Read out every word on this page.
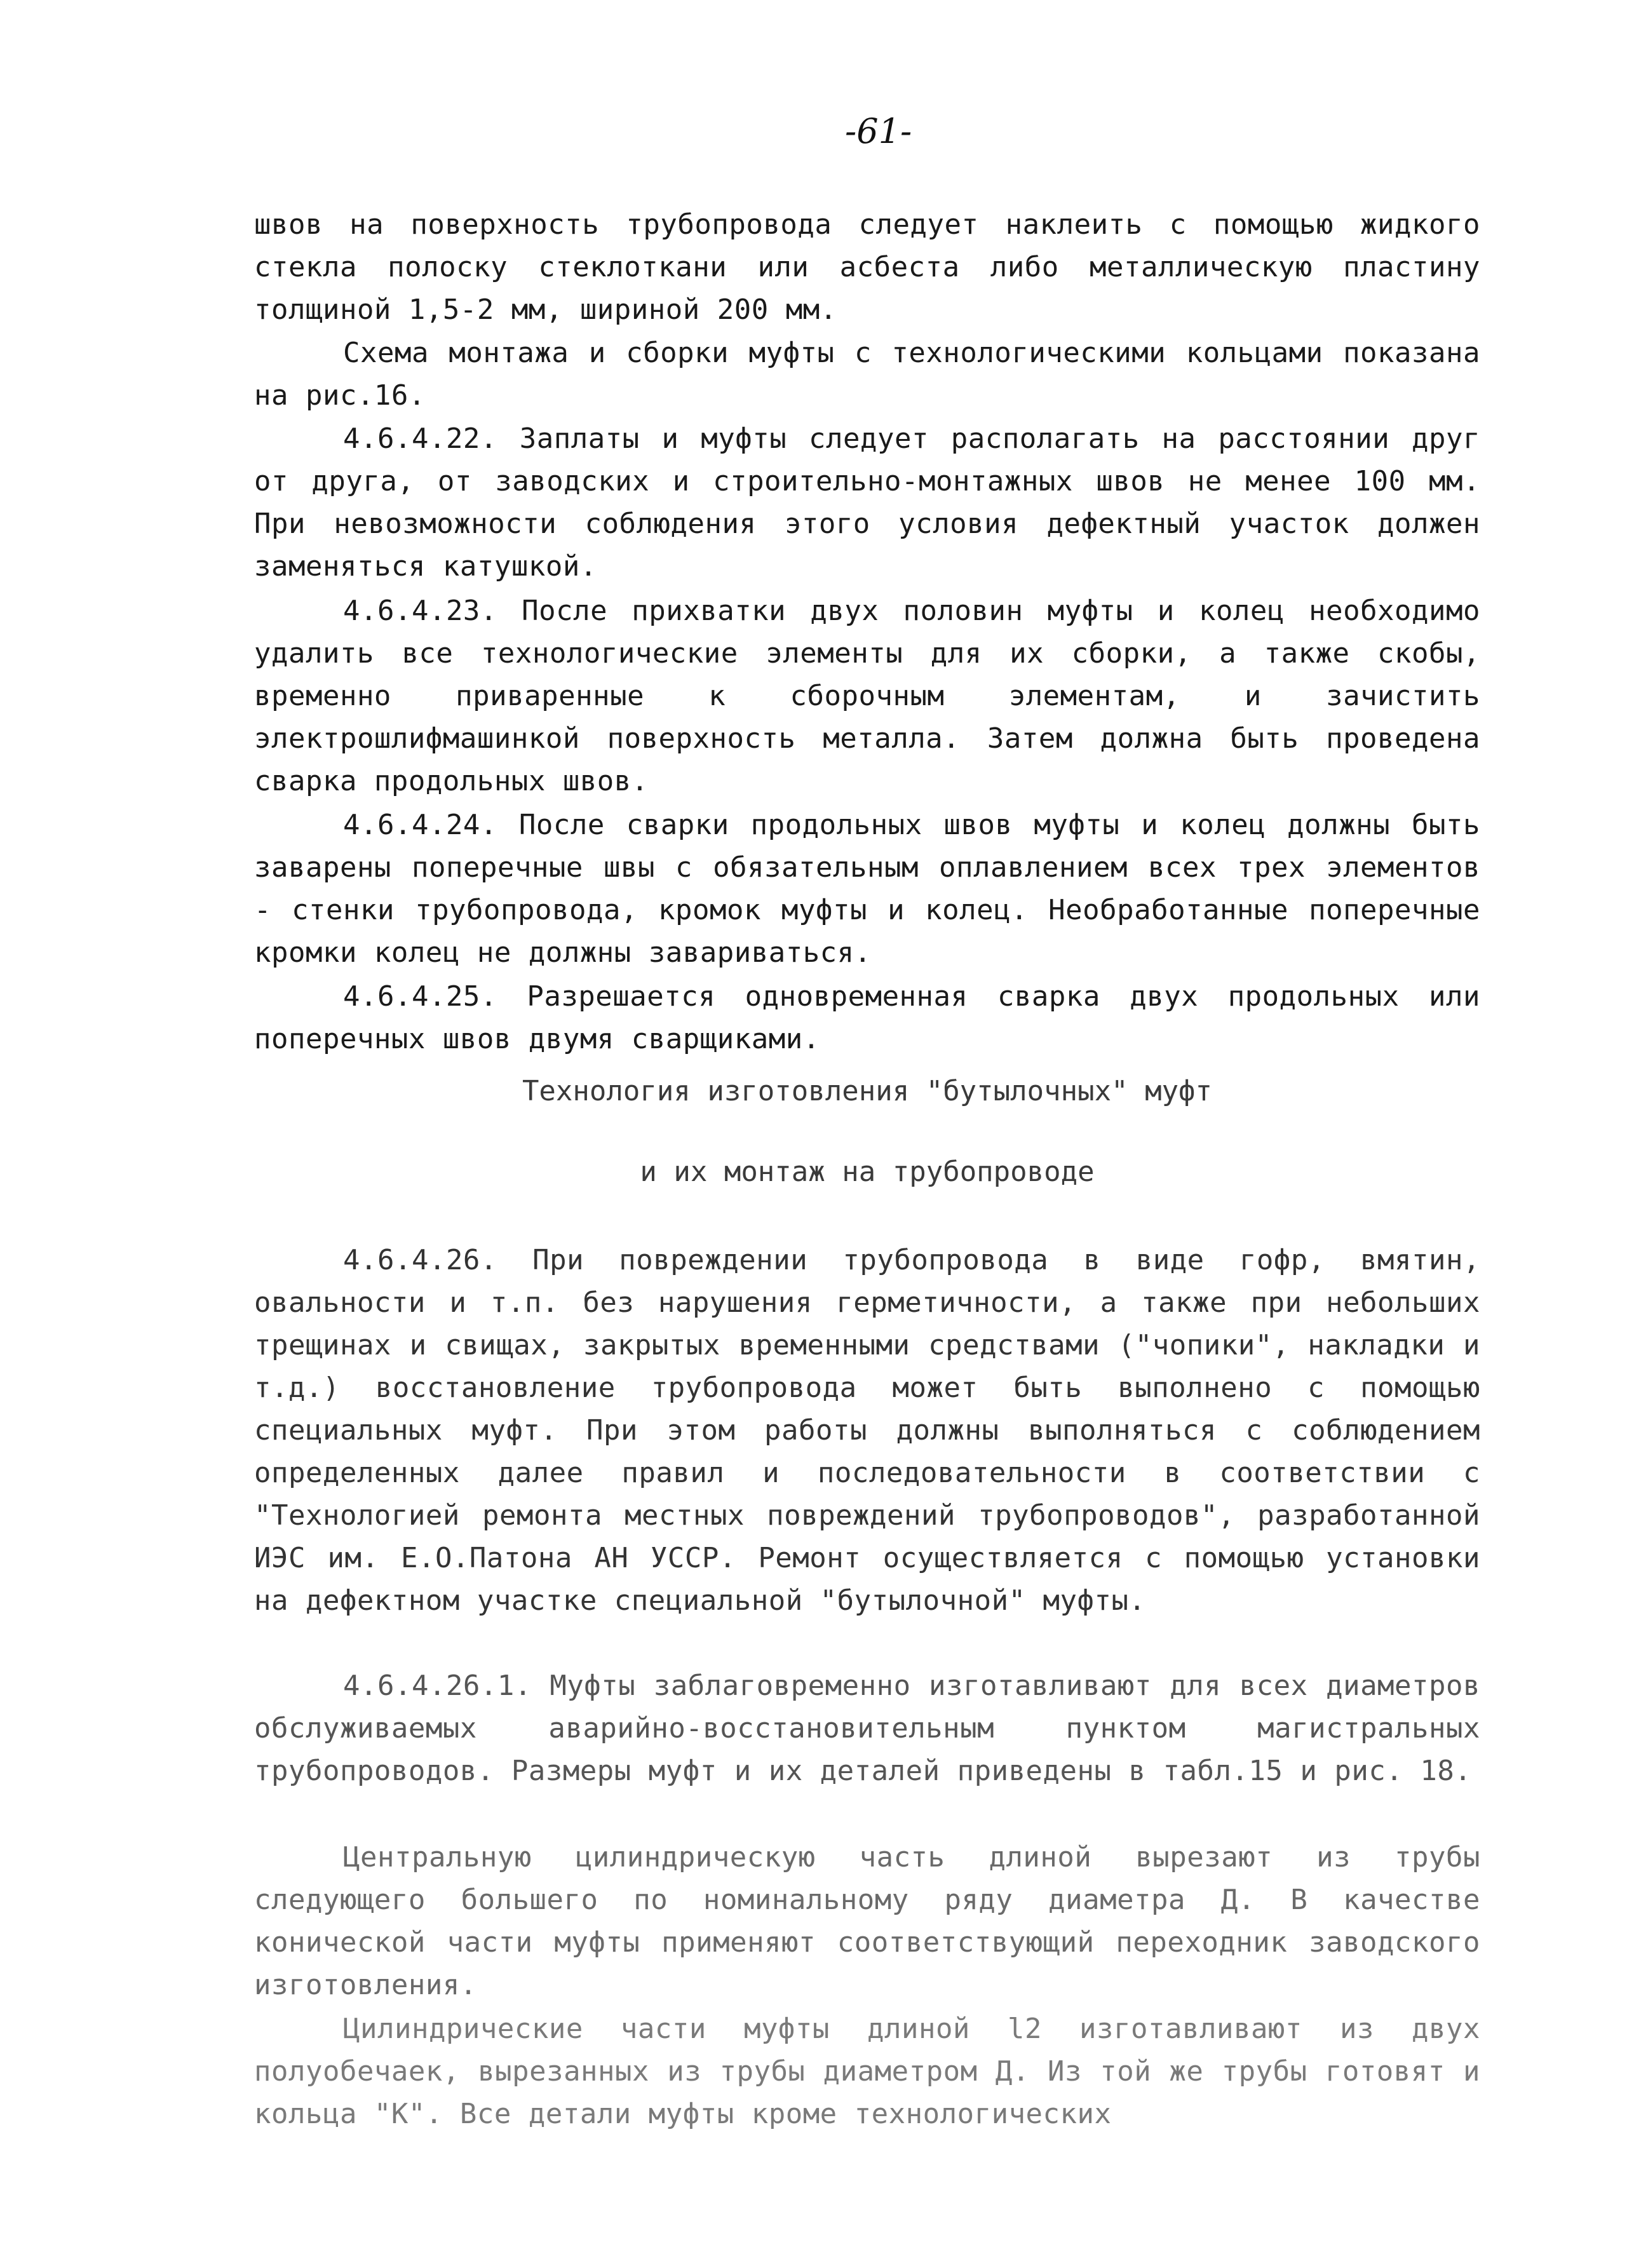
-61-

швов на поверхность трубопровода следует наклеить с помощью жидкого стекла полоску стеклоткани или асбеста либо металлическую пластину толщиной 1,5-2 мм, шириной 200 мм.

Схема монтажа и сборки муфты с технологическими кольцами показана на рис.16.

4.6.4.22. Заплаты и муфты следует располагать на расстоянии друг от друга, от заводских и строительно-монтажных швов не менее 100 мм. При невозможности соблюдения этого условия дефектный участок должен заменяться катушкой.

4.6.4.23. После прихватки двух половин муфты и колец необходимо удалить все технологические элементы для их сборки, а также скобы, временно приваренные к сборочным элементам, и зачистить электрошлифмашинкой поверхность металла. Затем должна быть проведена сварка продольных швов.

4.6.4.24. После сварки продольных швов муфты и колец должны быть заварены поперечные швы с обязательным оплавлением всех трех элементов - стенки трубопровода, кромок муфты и колец. Необработанные поперечные кромки колец не должны завариваться.

4.6.4.25. Разрешается одновременная сварка двух продольных или поперечных швов двумя сварщиками.

Технология изготовления "бутылочных" муфт

и их монтаж на трубопроводе

4.6.4.26. При повреждении трубопровода в виде гофр, вмятин, овальности и т.п. без нарушения герметичности, а также при небольших трещинах и свищах, закрытых временными средствами ("чопики", накладки и т.д.) восстановление трубопровода может быть выполнено с помощью специальных муфт. При этом работы должны выполняться с соблюдением определенных далее правил и последовательности в соответствии с "Технологией ремонта местных повреждений трубопроводов", разработанной ИЭС им. Е.О.Патона АН УССР. Ремонт осуществляется с помощью установки на дефектном участке специальной "бутылочной" муфты.

4.6.4.26.1. Муфты заблаговременно изготавливают для всех диаметров обслуживаемых аварийно-восстановительным пунктом магистральных трубопроводов. Размеры муфт и их деталей приведены в табл.15 и рис. 18.

Центральную цилиндрическую часть длиной вырезают из трубы следующего большего по номинальному ряду диаметра Д. В качестве конической части муфты применяют соответствующий переходник заводского изготовления.

Цилиндрические части муфты длиной l2 изготавливают из двух полуобечаек, вырезанных из трубы диаметром Д. Из той же трубы готовят и кольца "К". Все детали муфты кроме технологических
